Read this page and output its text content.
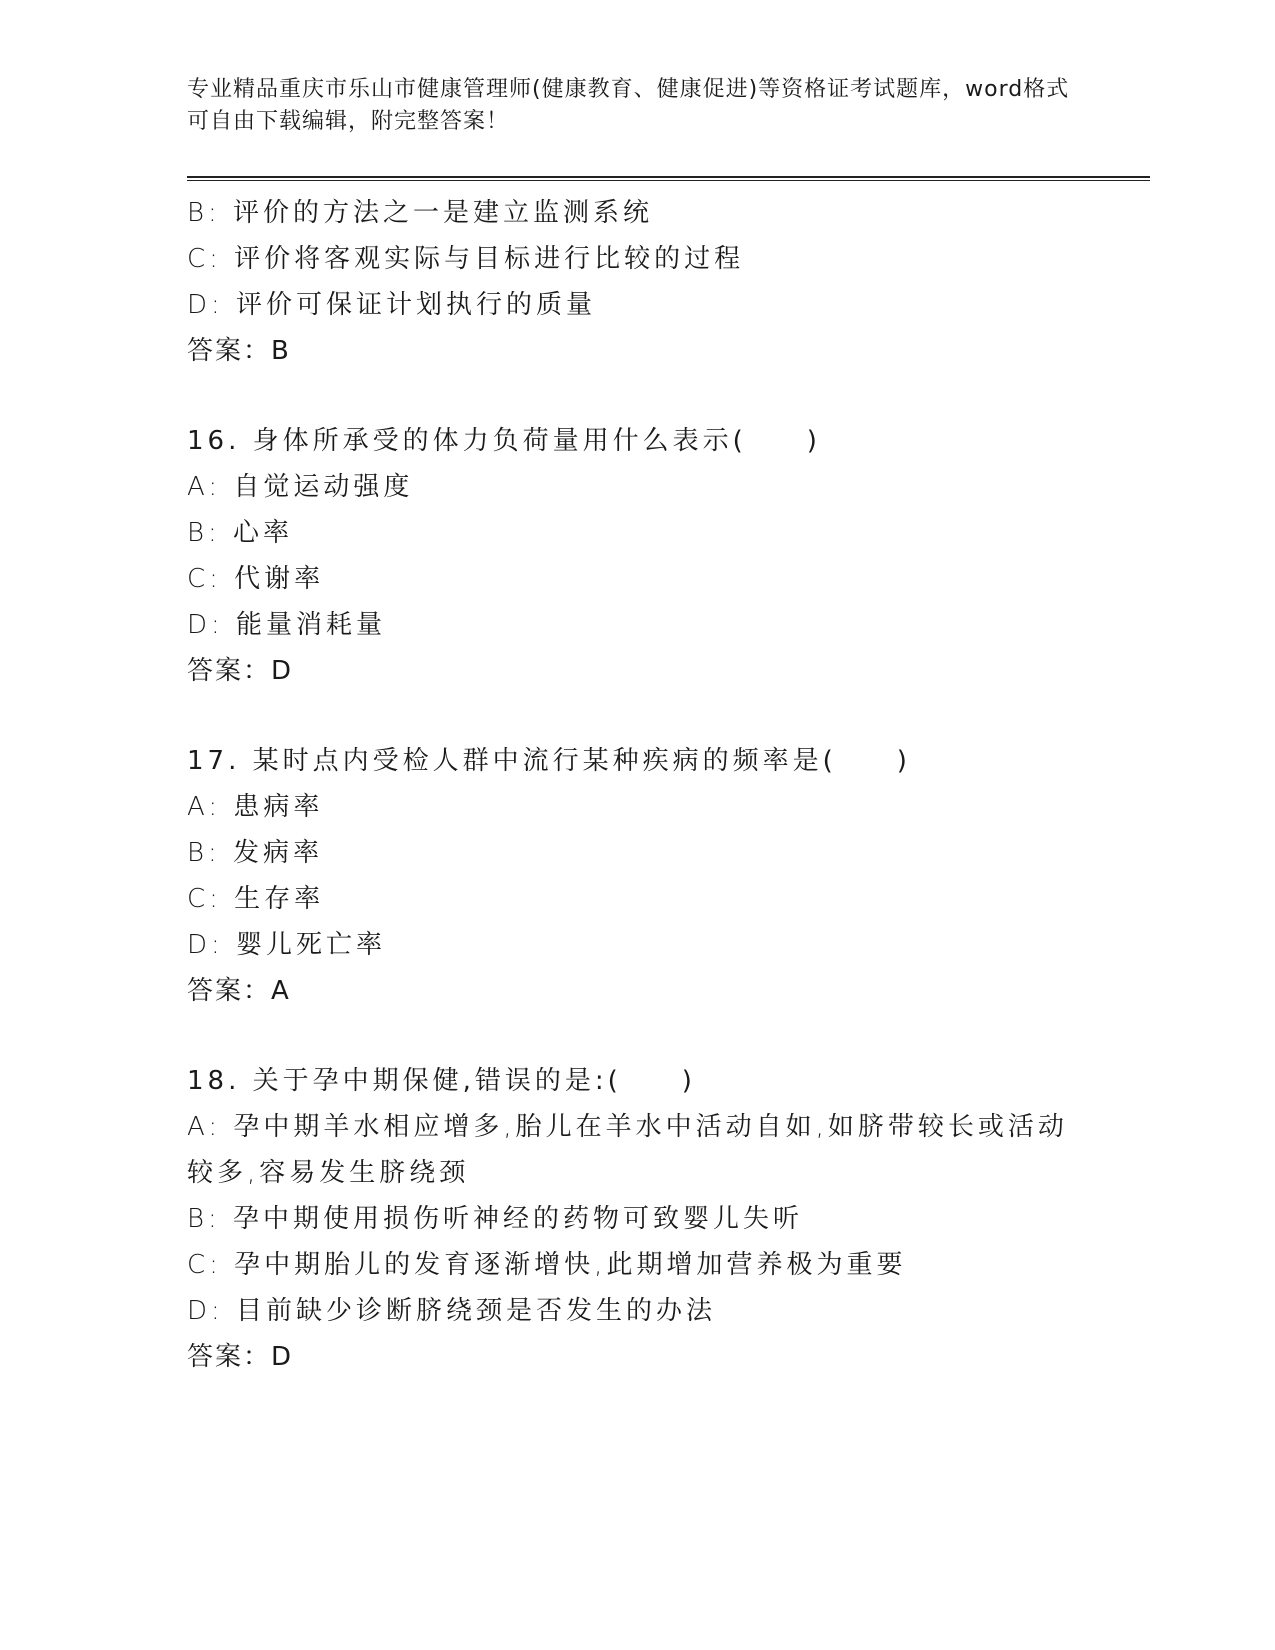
专业精品重庆市乐山市健康管理师(健康教育、健康促进)等资格证考试题库，word格式可自由下载编辑，附完整答案！
B: 评价的方法之一是建立监测系统
C: 评价将客观实际与目标进行比较的过程
D: 评价可保证计划执行的质量
答案：B
16. 身体所承受的体力负荷量用什么表示(　　)
A: 自觉运动强度
B: 心率
C: 代谢率
D: 能量消耗量
答案：D
17. 某时点内受检人群中流行某种疾病的频率是(　　)
A: 患病率
B: 发病率
C: 生存率
D: 婴儿死亡率
答案：A
18. 关于孕中期保健,错误的是:(　　)
A: 孕中期羊水相应增多,胎儿在羊水中活动自如,如脐带较长或活动较多,容易发生脐绕颈
B: 孕中期使用损伤听神经的药物可致婴儿失听
C: 孕中期胎儿的发育逐渐增快,此期增加营养极为重要
D: 目前缺少诊断脐绕颈是否发生的办法
答案：D
